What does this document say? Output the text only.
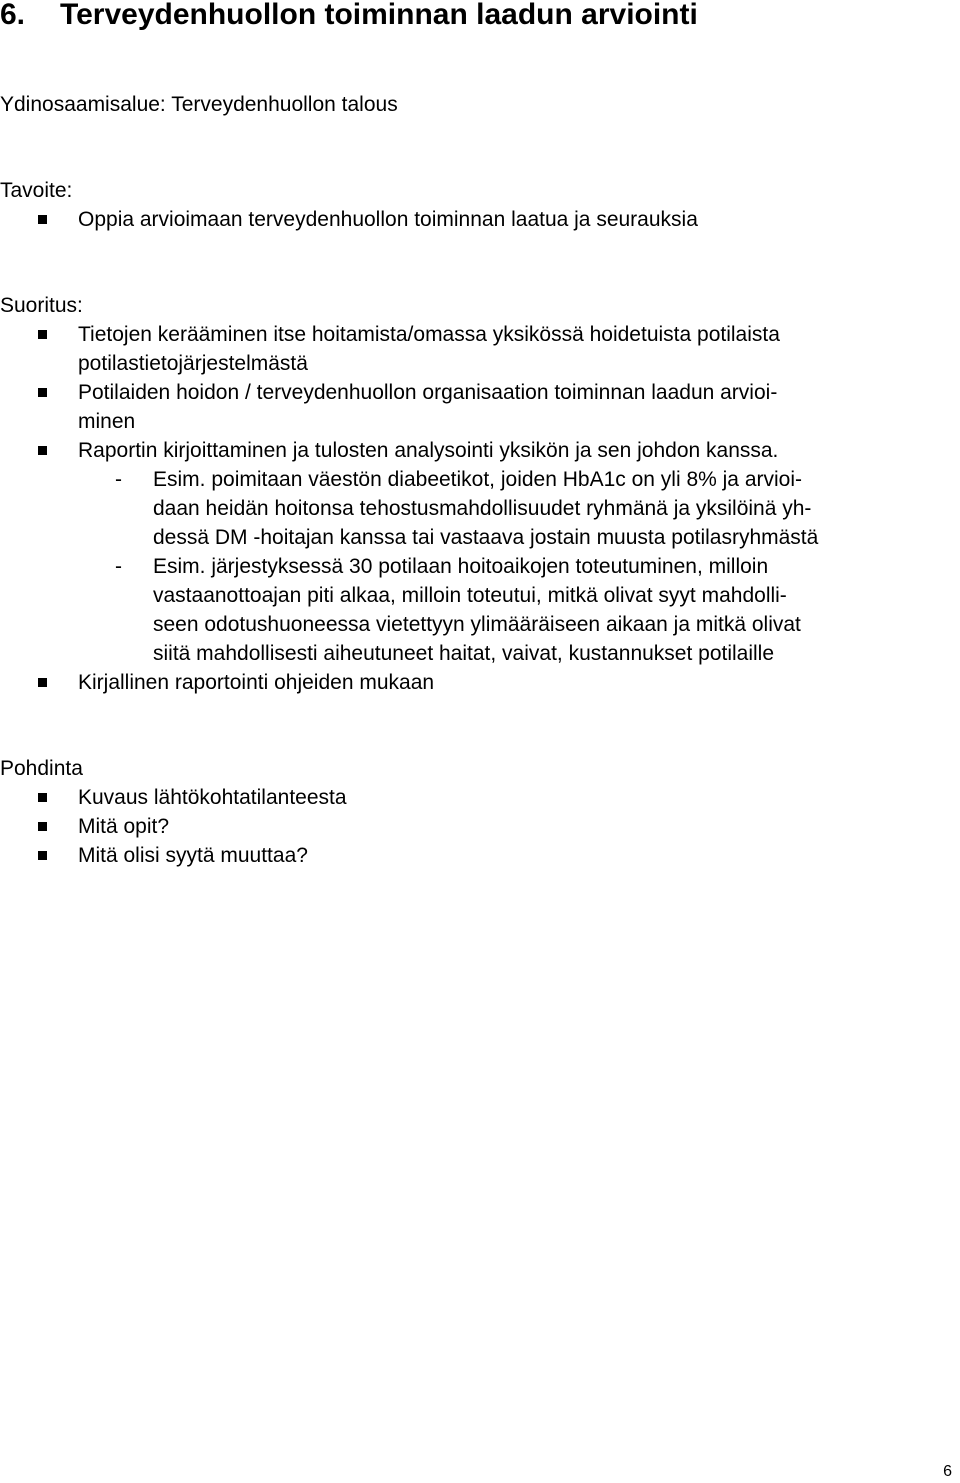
6. Terveydenhuollon toiminnan laadun arviointi
Ydinosaamisalue: Terveydenhuollon talous
Tavoite:
Oppia arvioimaan terveydenhuollon toiminnan laatua ja seurauksia
Suoritus:
Tietojen kerääminen itse hoitamista/omassa yksikössä hoidetuista potilaista
potilastietojärjestelmästä
Potilaiden hoidon / terveydenhuollon organisaation toiminnan laadun arvioi-
minen
Raportin kirjoittaminen ja tulosten analysointi yksikön ja sen johdon kanssa.
- Esim. poimitaan väestön diabeetikot, joiden HbA1c on yli 8% ja arvioi-
daan heidän hoitonsa tehostusmahdollisuudet ryhmänä ja yksilöinä yh-
dessä DM -hoitajan kanssa tai vastaava jostain muusta potilasryhmästä
- Esim. järjestyksessä 30 potilaan hoitoaikojen toteutuminen, milloin
vastaanottoajan piti alkaa, milloin toteutui, mitkä olivat syyt mahdolli-
seen odotushuoneessa vietettyyn ylimääräiseen aikaan ja mitkä olivat
siitä mahdollisesti aiheutuneet haitat, vaivat, kustannukset potilaille
Kirjallinen raportointi ohjeiden mukaan
Pohdinta
Kuvaus lähtökohtatilanteesta
Mitä opit?
Mitä olisi syytä muuttaa?
6
